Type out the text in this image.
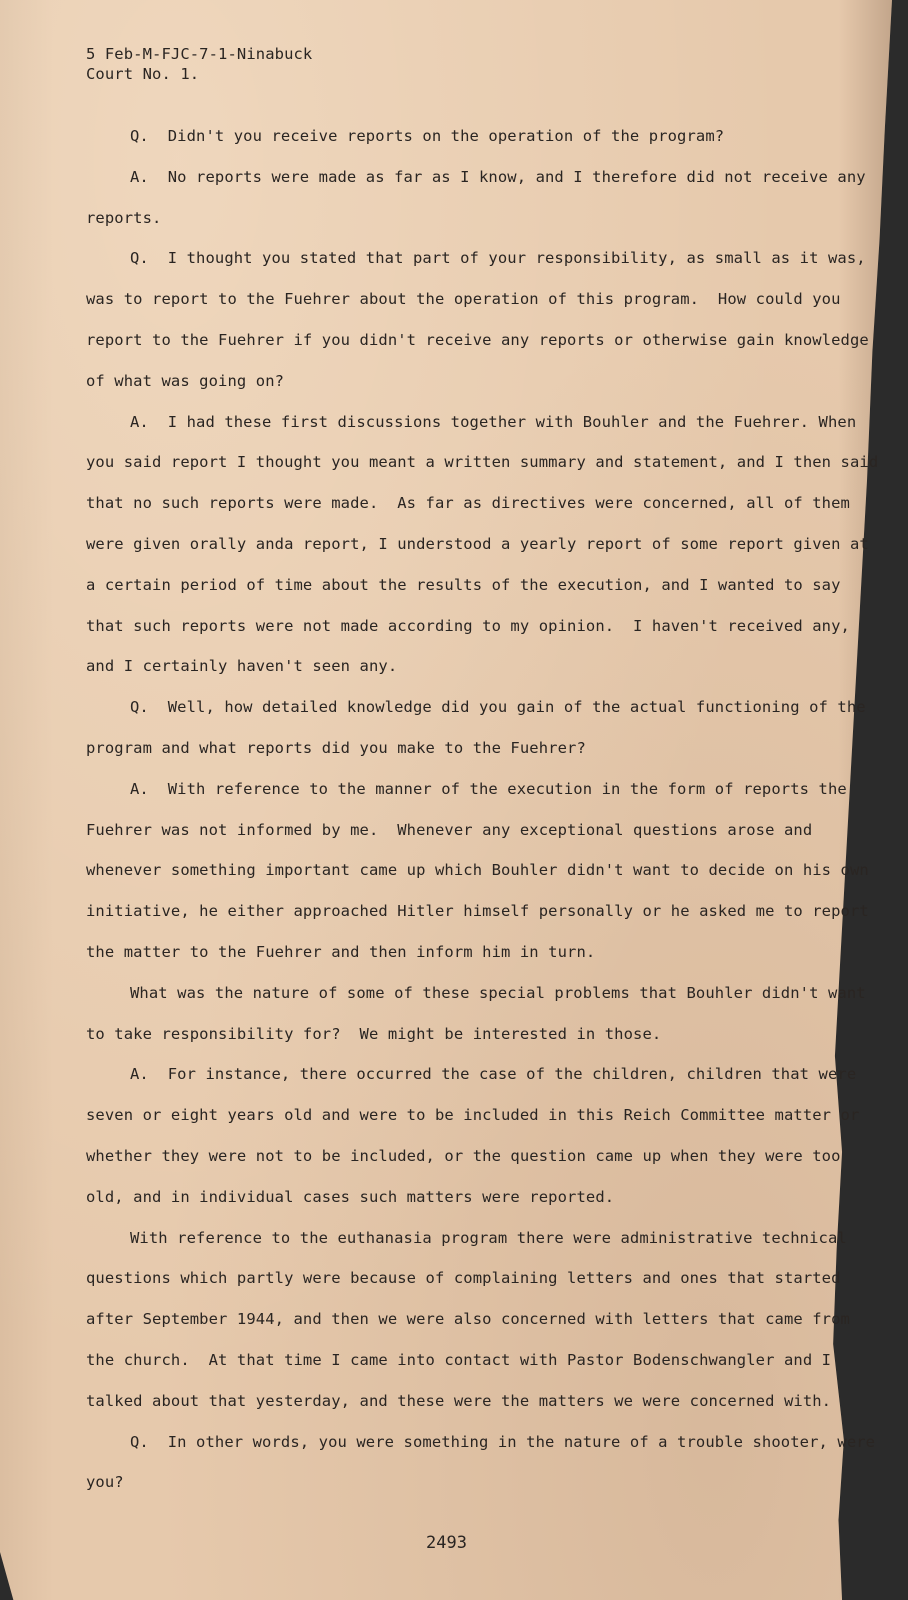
5 Feb-M-FJC-7-1-Ninabuck
Court No. 1.
Q.  Didn't you receive reports on the operation of the program?
A.  No reports were made as far as I know, and I therefore did not receive any reports.
Q.  I thought you stated that part of your responsibility, as small as it was, was to report to the Fuehrer about the operation of this program.  How could you report to the Fuehrer if you didn't receive any reports or otherwise gain knowledge of what was going on?
A.  I had these first discussions together with Bouhler and the Fuehrer. When you said report I thought you meant a written summary and statement, and I then said that no such reports were made.  As far as directives were concerned, all of them were given orally anda report, I understood a yearly report of some report given at a certain period of time about the results of the execution, and I wanted to say that such reports were not made according to my opinion.  I haven't received any, and I certainly haven't seen any.
Q.  Well, how detailed knowledge did you gain of the actual functioning of the program and what reports did you make to the Fuehrer?
A.  With reference to the manner of the execution in the form of reports the Fuehrer was not informed by me.  Whenever any exceptional questions arose and whenever something important came up which Bouhler didn't want to decide on his own initiative, he either approached Hitler himself personally or he asked me to report the matter to the Fuehrer and then inform him in turn.
What was the nature of some of these special problems that Bouhler didn't want to take responsibility for?  We might be interested in those.
A.  For instance, there occurred the case of the children, children that were seven or eight years old and were to be included in this Reich Committee matter or whether they were not to be included, or the question came up when they were too old, and in individual cases such matters were reported.
With reference to the euthanasia program there were administrative technical questions which partly were because of complaining letters and ones that started after September 1944, and then we were also concerned with letters that came from the church.  At that time I came into contact with Pastor Bodenschwangler and I talked about that yesterday, and these were the matters we were concerned with.
Q.  In other words, you were something in the nature of a trouble shooter, were you?
2493
